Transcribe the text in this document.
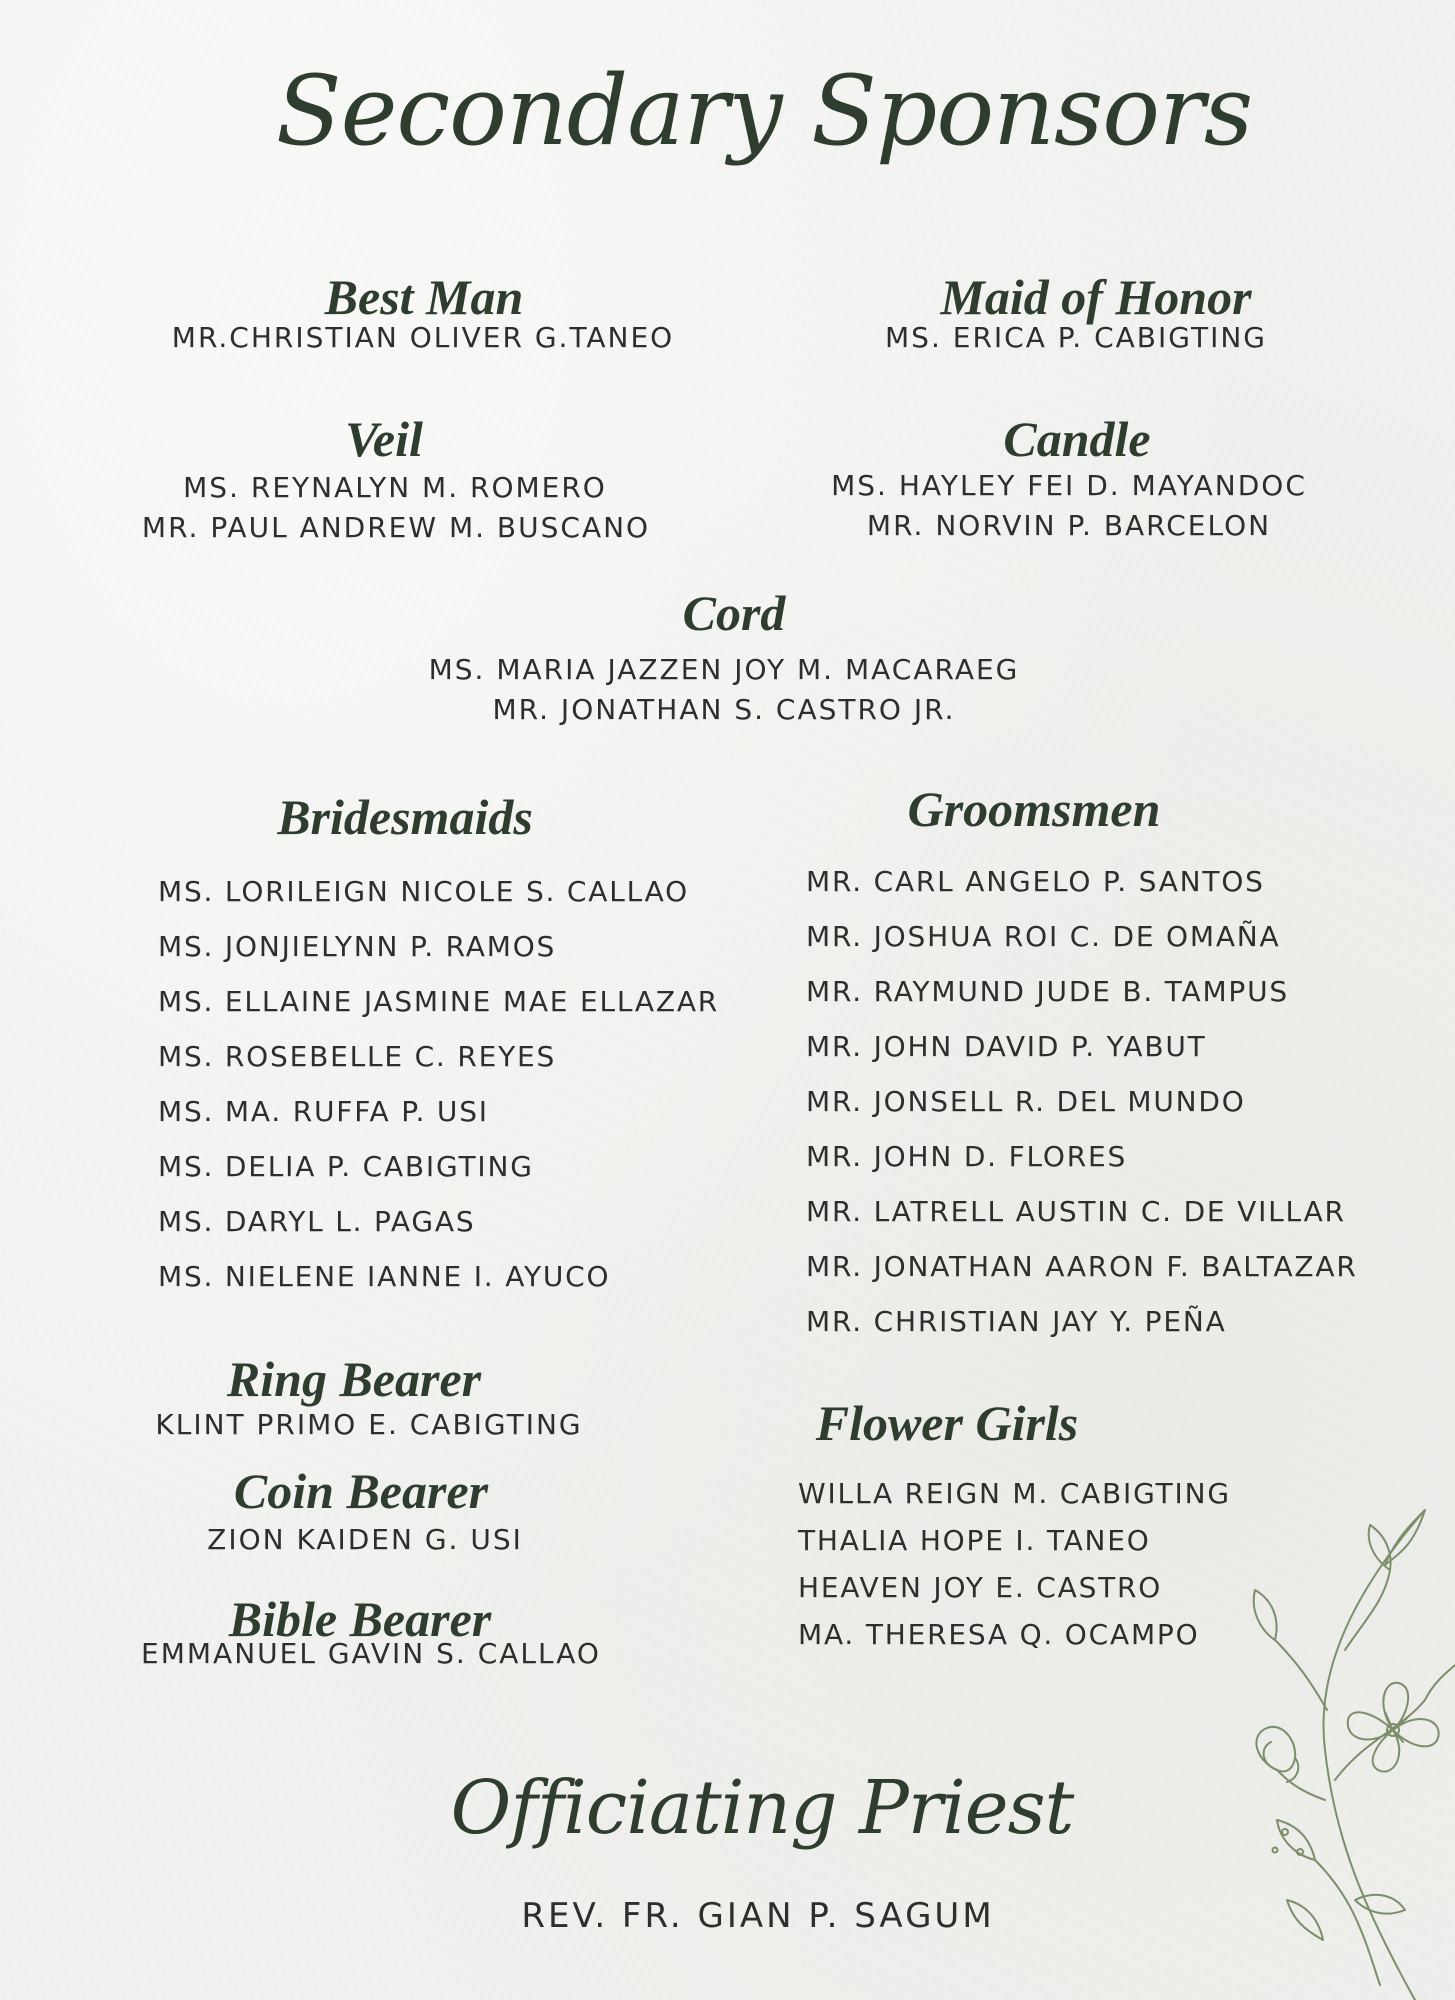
Secondary Sponsors
Best Man
MR.CHRISTIAN OLIVER G.TANEO
Maid of Honor
MS. ERICA P. CABIGTING
Veil
MS. REYNALYN M. ROMERO
MR. PAUL ANDREW M. BUSCANO
Candle
MS. HAYLEY FEI D. MAYANDOC
MR. NORVIN P. BARCELON
Cord
MS. MARIA JAZZEN JOY M. MACARAEG
MR. JONATHAN S. CASTRO JR.
Bridesmaids
MS. LORILEIGN NICOLE S. CALLAO
MS. JONJIELYNN P. RAMOS
MS. ELLAINE JASMINE MAE ELLAZAR
MS. ROSEBELLE C. REYES
MS. MA. RUFFA P. USI
MS. DELIA P. CABIGTING
MS. DARYL L. PAGAS
MS. NIELENE IANNE I. AYUCO
Groomsmen
MR. CARL ANGELO P. SANTOS
MR. JOSHUA ROI C. DE OMAÑA
MR. RAYMUND JUDE B. TAMPUS
MR. JOHN DAVID P. YABUT
MR. JONSELL R. DEL MUNDO
MR. JOHN D. FLORES
MR. LATRELL AUSTIN C. DE VILLAR
MR. JONATHAN AARON F. BALTAZAR
MR. CHRISTIAN JAY Y. PEÑA
Ring Bearer
KLINT PRIMO E. CABIGTING
Coin Bearer
ZION KAIDEN G. USI
Bible Bearer
EMMANUEL GAVIN S. CALLAO
Flower Girls
WILLA REIGN M. CABIGTING
THALIA HOPE I. TANEO
HEAVEN JOY E. CASTRO
MA. THERESA Q. OCAMPO
Officiating Priest
REV. FR. GIAN P. SAGUM
